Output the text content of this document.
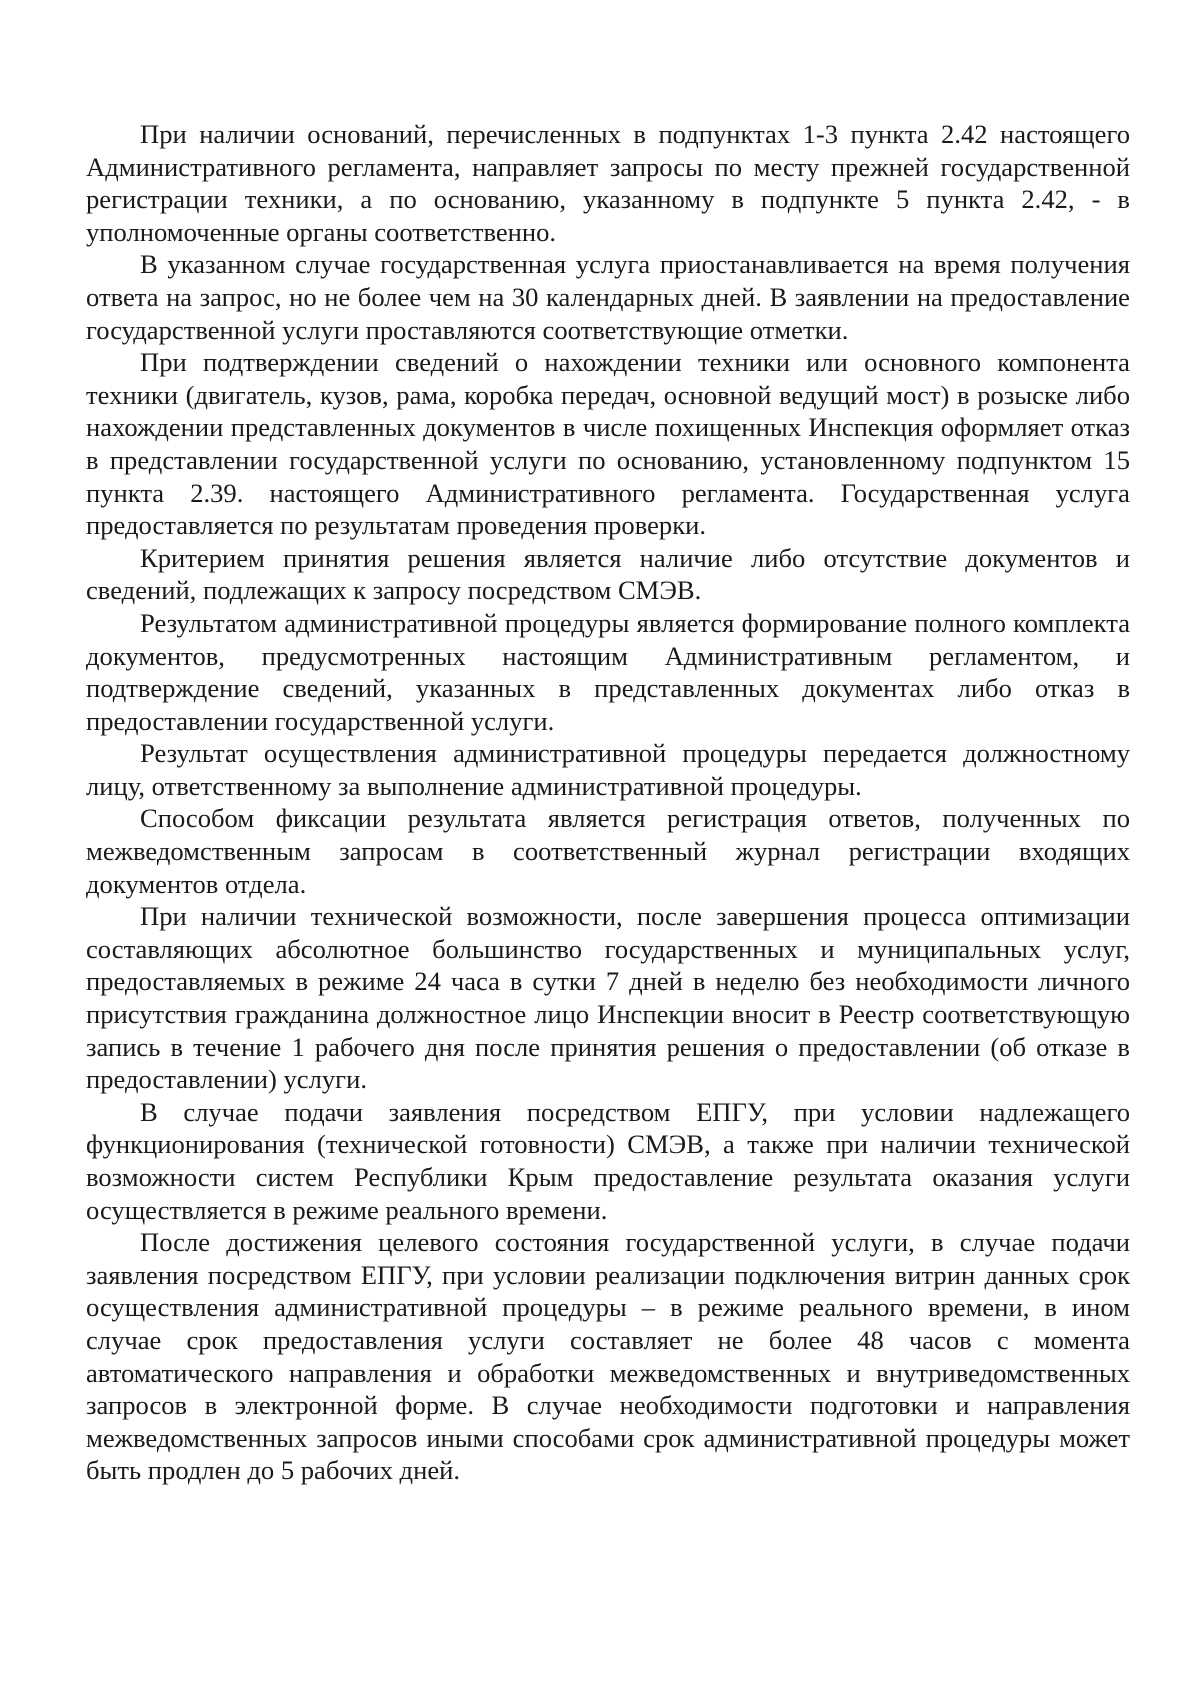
При наличии оснований, перечисленных в подпунктах 1-3 пункта 2.42 настоящего Административного регламента, направляет запросы по месту прежней государственной регистрации техники, а по основанию, указанному в подпункте 5 пункта 2.42, - в уполномоченные органы соответственно.

В указанном случае государственная услуга приостанавливается на время получения ответа на запрос, но не более чем на 30 календарных дней. В заявлении на предоставление государственной услуги проставляются соответствующие отметки.

При подтверждении сведений о нахождении техники или основного компонента техники (двигатель, кузов, рама, коробка передач, основной ведущий мост) в розыске либо нахождении представленных документов в числе похищенных Инспекция оформляет отказ в представлении государственной услуги по основанию, установленному подпунктом 15 пункта 2.39. настоящего Административного регламента. Государственная услуга предоставляется по результатам проведения проверки.

Критерием принятия решения является наличие либо отсутствие документов и сведений, подлежащих к запросу посредством СМЭВ.

Результатом административной процедуры является формирование полного комплекта документов, предусмотренных настоящим Административным регламентом, и подтверждение сведений, указанных в представленных документах либо отказ в предоставлении государственной услуги.

Результат осуществления административной процедуры передается должностному лицу, ответственному за выполнение административной процедуры.

Способом фиксации результата является регистрация ответов, полученных по межведомственным запросам в соответственный журнал регистрации входящих документов отдела.

При наличии технической возможности, после завершения процесса оптимизации составляющих абсолютное большинство государственных и муниципальных услуг, предоставляемых в режиме 24 часа в сутки 7 дней в неделю без необходимости личного присутствия гражданина должностное лицо Инспекции вносит в Реестр соответствующую запись в течение 1 рабочего дня после принятия решения о предоставлении (об отказе в предоставлении) услуги.

В случае подачи заявления посредством ЕПГУ, при условии надлежащего функционирования (технической готовности) СМЭВ, а также при наличии технической возможности систем Республики Крым предоставление результата оказания услуги осуществляется в режиме реального времени.

После достижения целевого состояния государственной услуги, в случае подачи заявления посредством ЕПГУ, при условии реализации подключения витрин данных срок осуществления административной процедуры – в режиме реального времени, в ином случае срок предоставления услуги составляет не более 48 часов с момента автоматического направления и обработки межведомственных и внутриведомственных запросов в электронной форме. В случае необходимости подготовки и направления межведомственных запросов иными способами срок административной процедуры может быть продлен до 5 рабочих дней.
